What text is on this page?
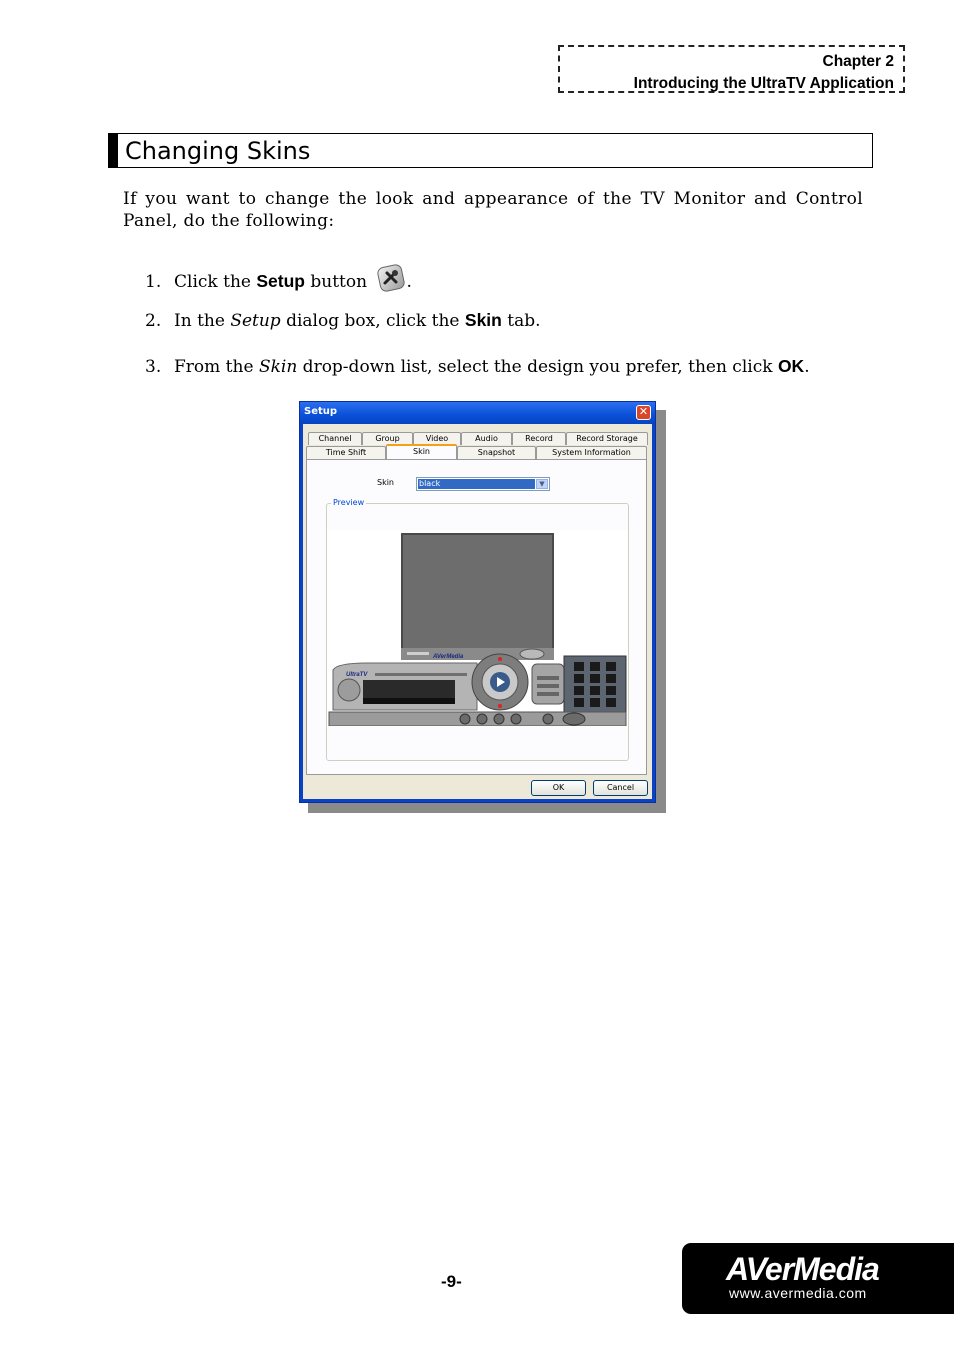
Chapter 2
Introducing the UltraTV Application
Changing Skins
If you want to change the look and appearance of the TV Monitor and Control Panel, do the following:
1. Click the Setup button .
2. In the Setup dialog box, click the Skin tab.
3. From the Skin drop-down list, select the design you prefer, then click OK.
Setup	✕
Channel	Group	Video	Audio	Record	Record Storage
Time Shift	Skin	Snapshot	System Information
Skin	black	▼
Preview
AVerMedia
UltraTV
OK	Cancel
-9-	AVerMedia
www.avermedia.com
